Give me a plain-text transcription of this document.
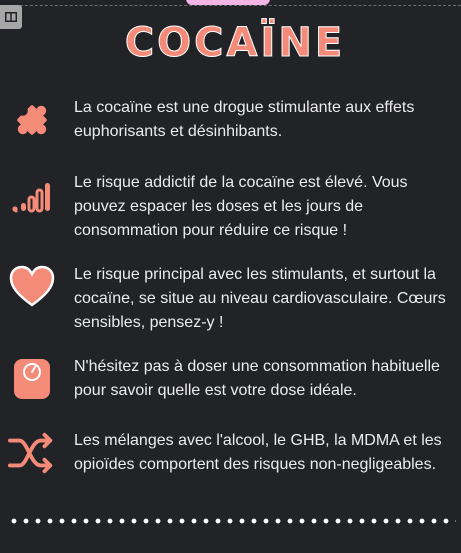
COCAÏNE
La cocaïne est une drogue stimulante aux effets euphorisants et désinhibants.
Le risque addictif de la cocaïne est élevé. Vous pouvez espacer les doses et les jours de consommation pour réduire ce risque !
Le risque principal avec les stimulants, et surtout la cocaïne, se situe au niveau cardiovasculaire. Cœurs sensibles, pensez-y !
N'hésitez pas à doser une consommation habituelle pour savoir quelle est votre dose idéale.
Les mélanges avec l'alcool, le GHB, la MDMA et les opioïdes comportent des risques non-negligeables.
